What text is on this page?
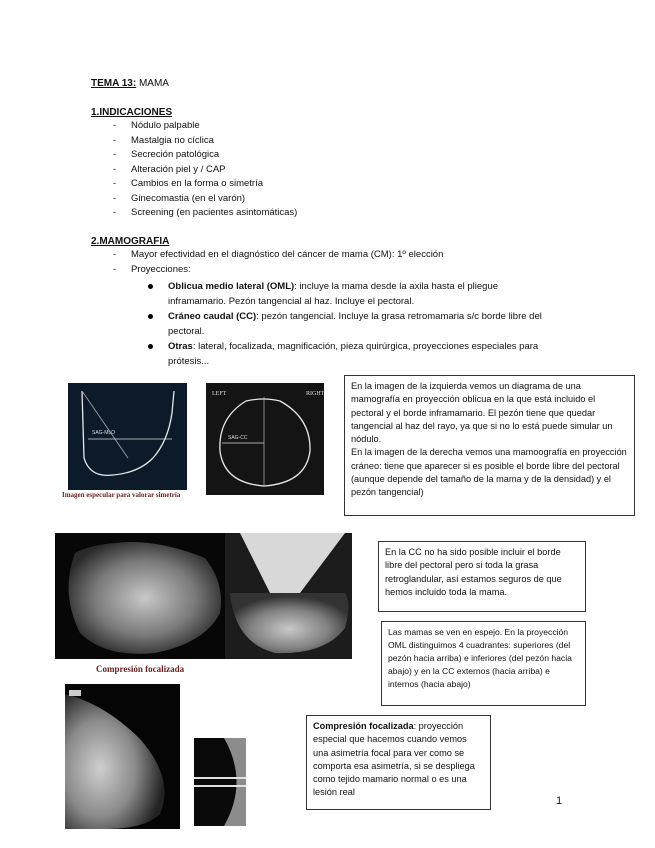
TEMA 13: MAMA
1.INDICACIONES
- Nódulo palpable
- Mastalgia no cíclica
- Secreción patológica
- Alteración piel y / CAP
- Cambios en la forma o simetría
- Ginecomastia (en el varón)
- Screening (en pacientes asintomáticas)
2.MAMOGRAFIA
- Mayor efectividad en el diagnóstico del cáncer de mama (CM): 1º elección
- Proyecciones:
Oblicua medio lateral (OML): incluye la mama desde la axila hasta el pliegue inframamario. Pezón tangencial al haz. Incluye el pectoral.
Cráneo caudal (CC): pezón tangencial. Incluye la grasa retromamaria s/c borde libre del pectoral.
Otras: lateral, focalizada, magnificación, pieza quirúrgica, proyecciones especiales para prótesis...
SAG-MLO
LEFT	RIGHT
SAG-CC
Imagen especular para valorar simetría
En la imagen de la izquierda vemos un diagrama de una mamografía en proyección oblicua en la que está incluido el pectoral y el borde inframamario. El pezón tiene que quedar tangencial al haz del rayo, ya que si no lo está puede simular un nódulo.
En la imagen de la derecha vemos una mamoografía en proyección cráneo: tiene que aparecer si es posible el borde libre del pectoral (aunque depende del tamaño de la mama y de la densidad) y el pezón tangencial)
Compresión focalizada
En la CC no ha sido posible incluir el borde libre del pectoral pero si toda la grasa retroglandular, así estamos seguros de que hemos incluido toda la mama.
Las mamas se ven en espejo. En la proyección OML distinguimos 4 cuadrantes: superiores (del pezón hacia arriba) e inferiores (del pezón hacia abajo) y en la CC externos (hacia arriba) e internos (hacia abajo)
Compresión focalizada: proyección especial que hacemos cuando vemos una asimetría focal para ver como se comporta esa asimetría, si se despliega como tejido mamario normal o es una lesión real
1
